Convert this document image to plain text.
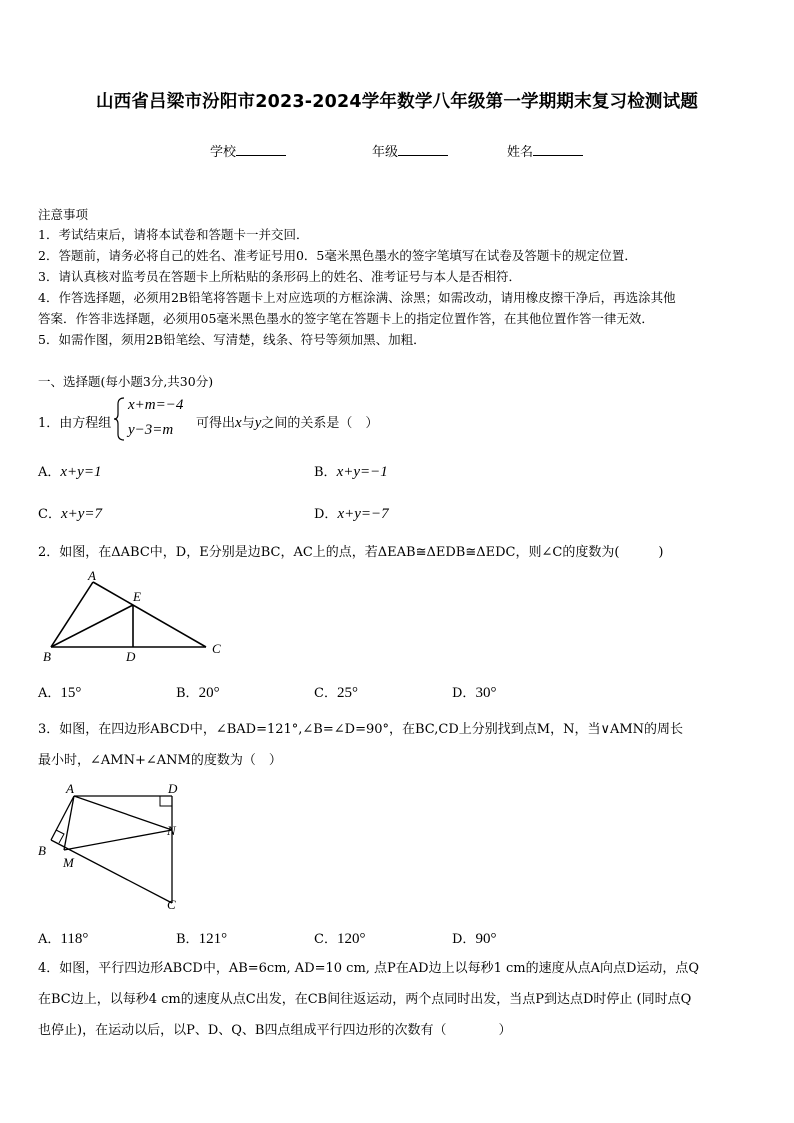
山西省吕梁市汾阳市2023-2024学年数学八年级第一学期期末复习检测试题
学校	年级	姓名
注意事项
1．考试结束后，请将本试卷和答题卡一并交回．
2．答题前，请务必将自己的姓名、准考证号用0．5毫米黑色墨水的签字笔填写在试卷及答题卡的规定位置．
3．请认真核对监考员在答题卡上所粘贴的条形码上的姓名、准考证号与本人是否相符．
4．作答选择题，必须用2B铅笔将答题卡上对应选项的方框涂满、涂黑；如需改动，请用橡皮擦干净后，再选涂其他
答案．作答非选择题，必须用05毫米黑色墨水的签字笔在答题卡上的指定位置作答，在其他位置作答一律无效．
5．如需作图，须用2B铅笔绘、写清楚，线条、符号等须加黑、加粗．
一、选择题(每小题3分,共30分)
1．由方程组
x+m=−4
y−3=m 可得出x与y之间的关系是（　）
A．x+y=1	B．x+y=−1
C．x+y=7	D．x+y=−7
2．如图，在ΔABC中，D，E分别是边BC，AC上的点，若ΔEAB≅ΔEDB≅ΔEDC，则∠C的度数为(　　　)
A
B
C
D
E
A．15°	B．20°	C．25°	D．30°
3．如图，在四边形ABCD中，∠BAD=121°,∠B=∠D=90°，在BC,CD上分别找到点M，N，当∨AMN的周长
最小时，∠AMN+∠ANM的度数为（　）
A
B
C
D
M
N
A．118°	B．121°	C．120°	D．90°
4．如图，平行四边形ABCD中，AB=6cm, AD=10 cm, 点P在AD边上以每秒1 cm的速度从点A向点D运动，点Q
在BC边上，以每秒4 cm的速度从点C出发，在CB间往返运动，两个点同时出发，当点P到达点D时停止 (同时点Q
也停止)，在运动以后，以P、D、Q、B四点组成平行四边形的次数有（　　　　）
